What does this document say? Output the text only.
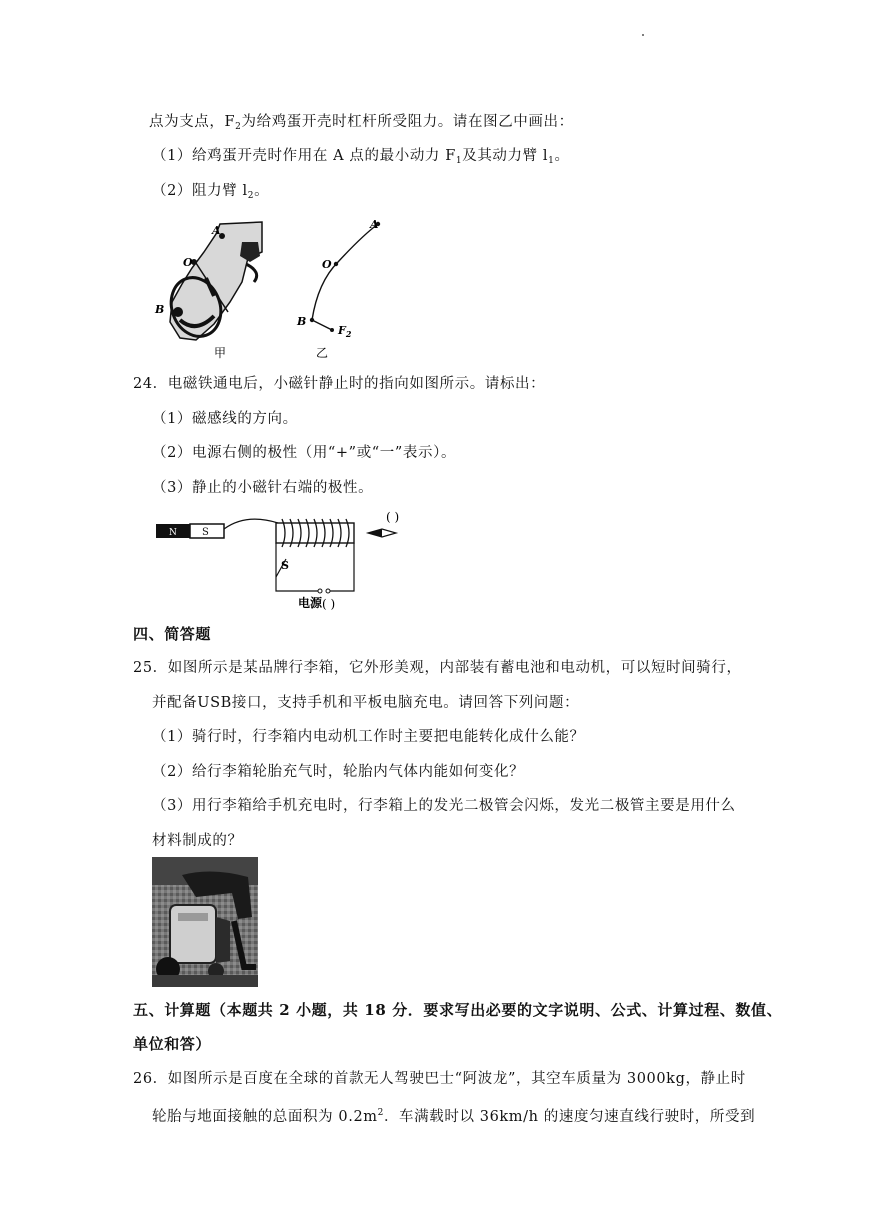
点为支点，$F_2$为给鸡蛋开壳时杠杆所受阻力。请在图乙中画出：
（1）给鸡蛋开壳时作用在 A 点的最小动力 $F_1$及其动力臂 $l_1$。
（2）阻力臂 $l_2$。
A
O
B
甲
A
O
B
$F_2$
乙
24．电磁铁通电后，小磁针静止时的指向如图所示。请标出：
（1）磁感线的方向。
（2）电源右侧的极性（用“+”或“一”表示）。
（3）静止的小磁针右端的极性。
N	S
S
( )
电源 ( )
四、简答题
25．如图所示是某品牌行李箱，它外形美观，内部装有蓄电池和电动机，可以短时间骑行，
并配备USB接口，支持手机和平板电脑充电。请回答下列问题：
（1）骑行时，行李箱内电动机工作时主要把电能转化成什么能？
（2）给行李箱轮胎充气时，轮胎内气体内能如何变化？
（3）用行李箱给手机充电时，行李箱上的发光二极管会闪烁，发光二极管主要是用什么
材料制成的？
五、计算题（本题共 2 小题，共 18 分．要求写出必要的文字说明、公式、计算过程、数值、
单位和答）
26．如图所示是百度在全球的首款无人驾驶巴士“阿波龙”，其空车质量为 3000kg，静止时
轮胎与地面接触的总面积为 $0.2m^2$．车满载时以 36km/h 的速度匀速直线行驶时，所受到
